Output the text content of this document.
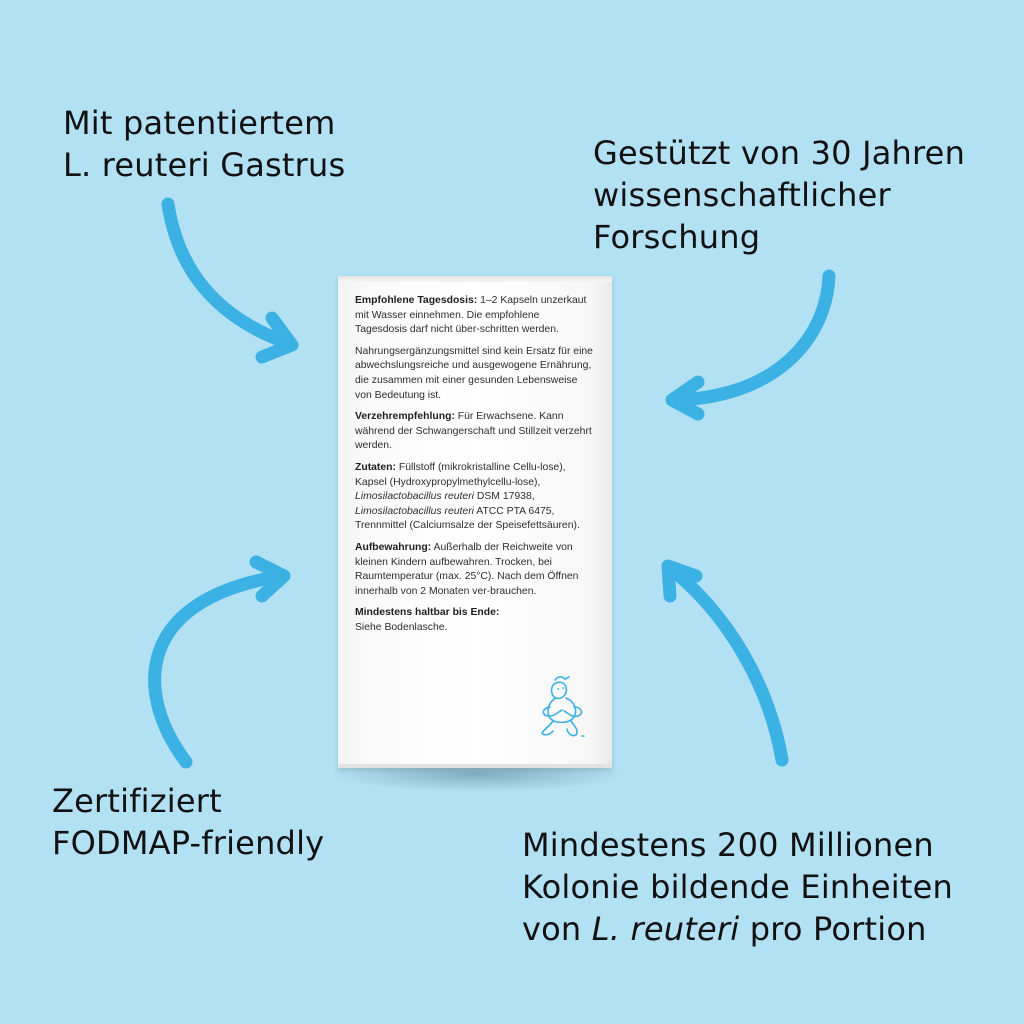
Mit patentiertem
L. reuteri Gastrus	Gestützt von 30 Jahren
wissenschaftlicher
Forschung

Zertifiziert
FODMAP-friendly	Mindestens 200 Millionen
Kolonie bildende Einheiten
von L. reuteri pro Portion

Empfohlene Tagesdosis: 1–2 Kapseln unzerkaut mit Wasser einnehmen. Die empfohlene Tagesdosis darf nicht über-schritten werden.

Nahrungsergänzungsmittel sind kein Ersatz für eine abwechslungsreiche und ausgewogene Ernährung, die zusammen mit einer gesunden Lebensweise von Bedeutung ist.

Verzehrempfehlung: Für Erwachsene. Kann während der Schwangerschaft und Stillzeit verzehrt werden.

Zutaten: Füllstoff (mikrokristalline Cellu-lose), Kapsel (Hydroxypropylmethylcellu-lose), Limosilactobacillus reuteri DSM 17938, Limosilactobacillus reuteri ATCC PTA 6475, Trennmittel (Calciumsalze der Speisefettsäuren).

Aufbewahrung: Außerhalb der Reichweite von kleinen Kindern aufbewahren. Trocken, bei Raumtemperatur (max. 25°C). Nach dem Öffnen innerhalb von 2 Monaten ver-brauchen.

Mindestens haltbar bis Ende:
Siehe Bodenlasche.
